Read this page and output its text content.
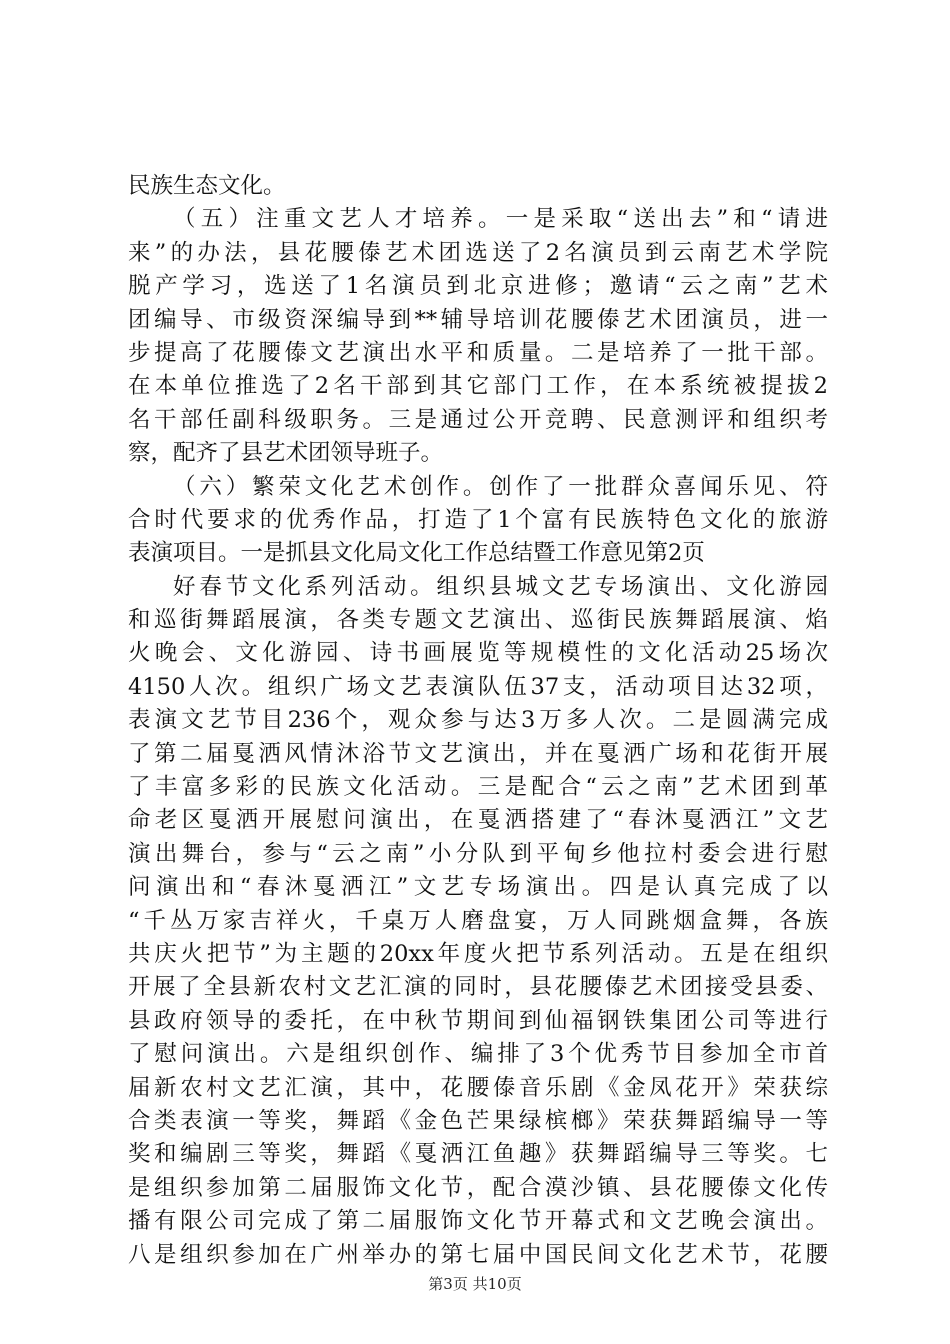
民族生态文化。
（五）注重文艺人才培养。一是采取“送出去”和“请进
来”的办法，县花腰傣艺术团选送了2名演员到云南艺术学院
脱产学习，选送了1名演员到北京进修；邀请“云之南”艺术
团编导、市级资深编导到**辅导培训花腰傣艺术团演员，进一
步提高了花腰傣文艺演出水平和质量。二是培养了一批干部。
在本单位推选了2名干部到其它部门工作，在本系统被提拔2
名干部任副科级职务。三是通过公开竞聘、民意测评和组织考
察，配齐了县艺术团领导班子。
（六）繁荣文化艺术创作。创作了一批群众喜闻乐见、符
合时代要求的优秀作品，打造了1个富有民族特色文化的旅游
表演项目。一是抓县文化局文化工作总结暨工作意见第2页
好春节文化系列活动。组织县城文艺专场演出、文化游园
和巡街舞蹈展演，各类专题文艺演出、巡街民族舞蹈展演、焰
火晚会、文化游园、诗书画展览等规模性的文化活动25场次
4150人次。组织广场文艺表演队伍37支，活动项目达32项，
表演文艺节目236个，观众参与达3万多人次。二是圆满完成
了第二届戛洒风情沐浴节文艺演出，并在戛洒广场和花街开展
了丰富多彩的民族文化活动。三是配合“云之南”艺术团到革
命老区戛洒开展慰问演出，在戛洒搭建了“春沐戛洒江”文艺
演出舞台，参与“云之南”小分队到平甸乡他拉村委会进行慰
问演出和“春沐戛洒江”文艺专场演出。四是认真完成了以
“千丛万家吉祥火，千桌万人磨盘宴，万人同跳烟盒舞，各族
共庆火把节”为主题的20xx年度火把节系列活动。五是在组织
开展了全县新农村文艺汇演的同时，县花腰傣艺术团接受县委、
县政府领导的委托，在中秋节期间到仙福钢铁集团公司等进行
了慰问演出。六是组织创作、编排了3个优秀节目参加全市首
届新农村文艺汇演，其中，花腰傣音乐剧《金凤花开》荣获综
合类表演一等奖，舞蹈《金色芒果绿槟榔》荣获舞蹈编导一等
奖和编剧三等奖，舞蹈《戛洒江鱼趣》获舞蹈编导三等奖。七
是组织参加第二届服饰文化节，配合漠沙镇、县花腰傣文化传
播有限公司完成了第二届服饰文化节开幕式和文艺晚会演出。
八是组织参加在广州举办的第七届中国民间文化艺术节，花腰
第3页 共10页
